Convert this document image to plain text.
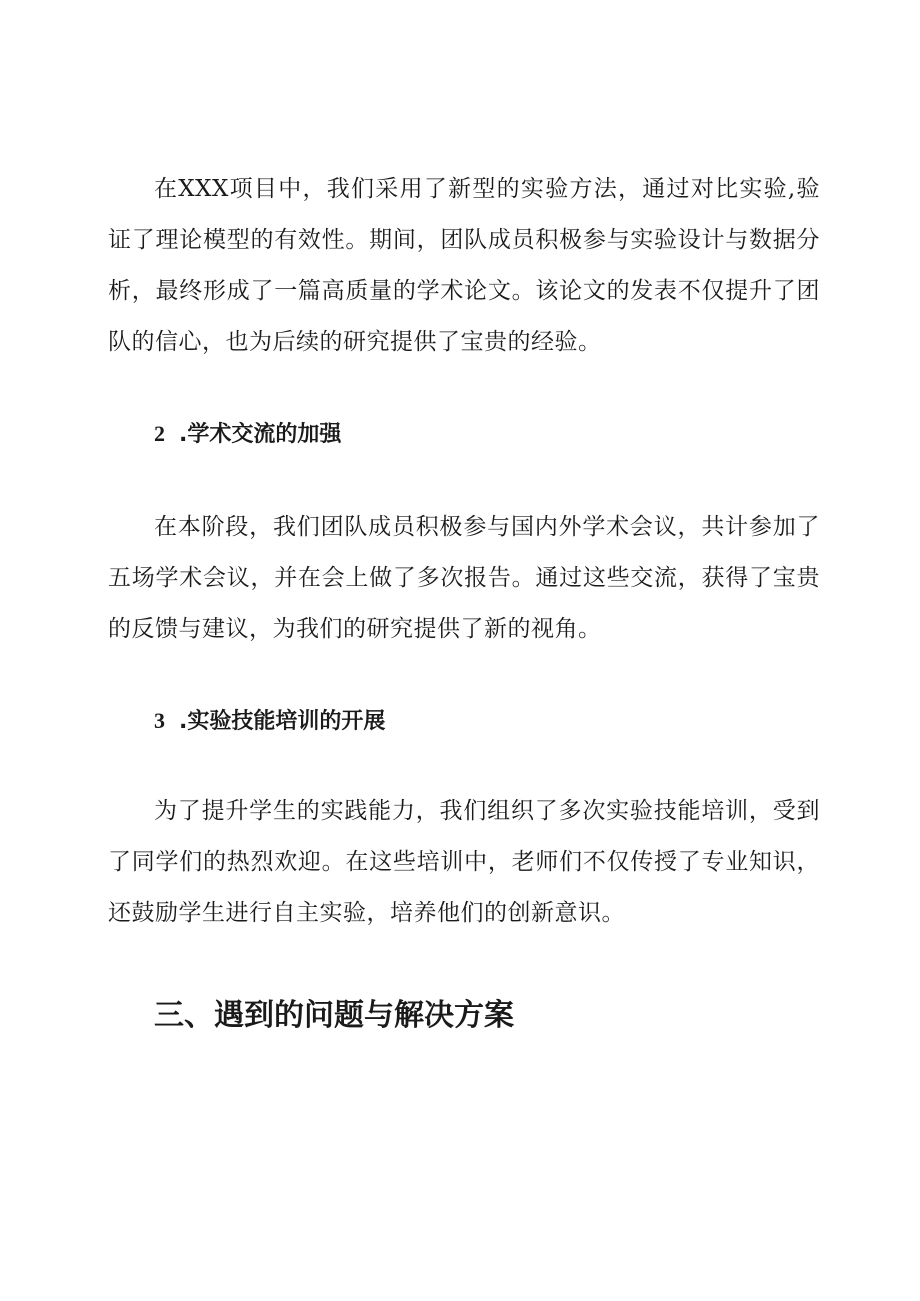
在XXX项目中，我们采用了新型的实验方法，通过对比实验,验证了理论模型的有效性。期间，团队成员积极参与实验设计与数据分析，最终形成了一篇高质量的学术论文。该论文的发表不仅提升了团队的信心，也为后续的研究提供了宝贵的经验。

2 .学术交流的加强

在本阶段，我们团队成员积极参与国内外学术会议，共计参加了五场学术会议，并在会上做了多次报告。通过这些交流，获得了宝贵的反馈与建议，为我们的研究提供了新的视角。

3 .实验技能培训的开展

为了提升学生的实践能力，我们组织了多次实验技能培训，受到了同学们的热烈欢迎。在这些培训中，老师们不仅传授了专业知识，还鼓励学生进行自主实验，培养他们的创新意识。

三、遇到的问题与解决方案
